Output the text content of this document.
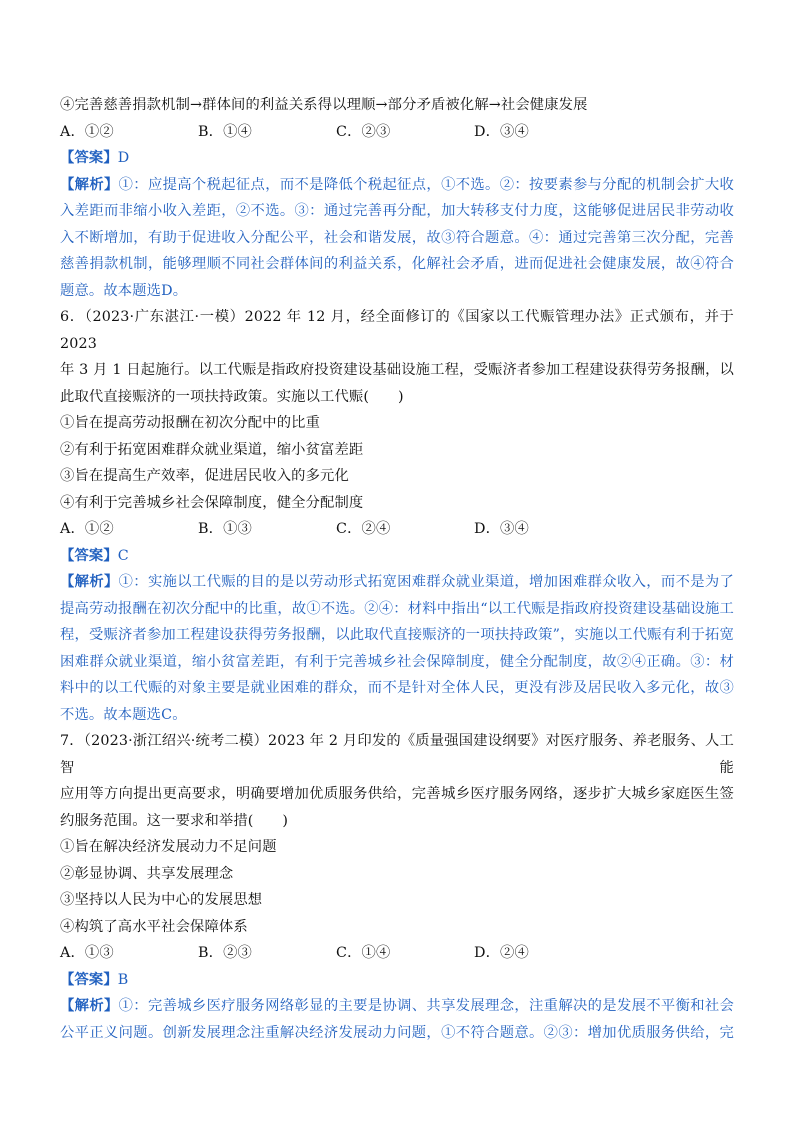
④完善慈善捐款机制→群体间的利益关系得以理顺→部分矛盾被化解→社会健康发展
A．①②	B．①④	C．②③	D．③④
【答案】D
【解析】①：应提高个税起征点，而不是降低个税起征点，①不选。②：按要素参与分配的机制会扩大收
入差距而非缩小收入差距，②不选。③：通过完善再分配，加大转移支付力度，这能够促进居民非劳动收
入不断增加，有助于促进收入分配公平，社会和谐发展，故③符合题意。④：通过完善第三次分配，完善
慈善捐款机制，能够理顺不同社会群体间的利益关系，化解社会矛盾，进而促进社会健康发展，故④符合
题意。故本题选D。
6．（2023·广东湛江·一模）2022 年 12 月，经全面修订的《国家以工代赈管理办法》正式颁布，并于 2023
年 3 月 1 日起施行。以工代赈是指政府投资建设基础设施工程，受赈济者参加工程建设获得劳务报酬，以
此取代直接赈济的一项扶持政策。实施以工代赈(　　)
①旨在提高劳动报酬在初次分配中的比重
②有利于拓宽困难群众就业渠道，缩小贫富差距
③旨在提高生产效率，促进居民收入的多元化
④有利于完善城乡社会保障制度，健全分配制度
A．①②	B．①③	C．②④	D．③④
【答案】C
【解析】①：实施以工代赈的目的是以劳动形式拓宽困难群众就业渠道，增加困难群众收入，而不是为了
提高劳动报酬在初次分配中的比重，故①不选。②④：材料中指出“以工代赈是指政府投资建设基础设施工
程，受赈济者参加工程建设获得劳务报酬，以此取代直接赈济的一项扶持政策”，实施以工代赈有利于拓宽
困难群众就业渠道，缩小贫富差距，有利于完善城乡社会保障制度，健全分配制度，故②④正确。③：材
料中的以工代赈的对象主要是就业困难的群众，而不是针对全体人民，更没有涉及居民收入多元化，故③
不选。故本题选C。
7．（2023·浙江绍兴·统考二模）2023 年 2 月印发的《质量强国建设纲要》对医疗服务、养老服务、人工智能
应用等方向提出更高要求，明确要增加优质服务供给，完善城乡医疗服务网络，逐步扩大城乡家庭医生签
约服务范围。这一要求和举措(　　)
①旨在解决经济发展动力不足问题
②彰显协调、共享发展理念
③坚持以人民为中心的发展思想
④构筑了高水平社会保障体系
A．①③	B．②③	C．①④	D．②④
【答案】B
【解析】①：完善城乡医疗服务网络彰显的主要是协调、共享发展理念，注重解决的是发展不平衡和社会
公平正义问题。创新发展理念注重解决经济发展动力问题，①不符合题意。②③：增加优质服务供给，完
